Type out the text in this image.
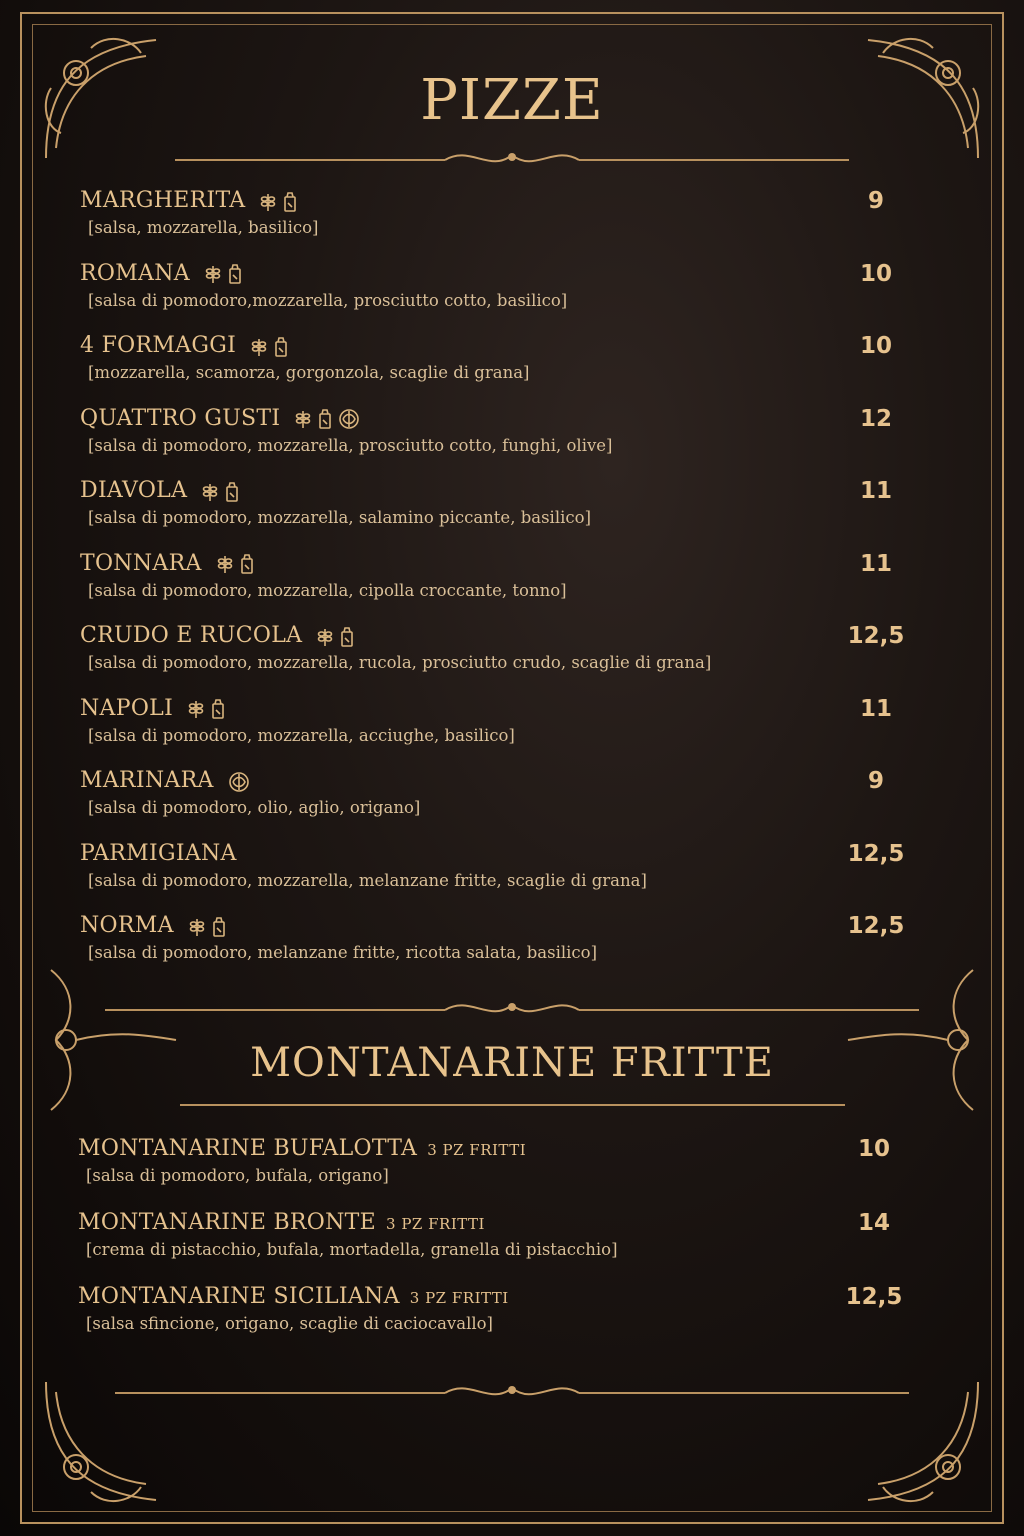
PIZZE
MARGHERITA
[salsa, mozzarella, basilico]
9
ROMANA
[salsa di pomodoro,mozzarella, prosciutto cotto, basilico]
10
4 FORMAGGI
[mozzarella, scamorza, gorgonzola, scaglie di grana]
10
QUATTRO GUSTI
[salsa di pomodoro, mozzarella, prosciutto cotto, funghi, olive]
12
DIAVOLA
[salsa di pomodoro, mozzarella, salamino piccante, basilico]
11
TONNARA
[salsa di pomodoro, mozzarella, cipolla croccante, tonno]
11
CRUDO E RUCOLA
[salsa di pomodoro, mozzarella, rucola, prosciutto crudo, scaglie di grana]
12,5
NAPOLI
[salsa di pomodoro, mozzarella, acciughe, basilico]
11
MARINARA
[salsa di pomodoro, olio, aglio, origano]
9
PARMIGIANA
[salsa di pomodoro, mozzarella, melanzane fritte, scaglie di grana]
12,5
NORMA
[salsa di pomodoro, melanzane fritte, ricotta salata, basilico]
12,5
MONTANARINE FRITTE
MONTANARINE BUFALOTTA 3 PZ FRITTI
[salsa di pomodoro, bufala, origano]
10
MONTANARINE BRONTE 3 PZ FRITTI
[crema di pistacchio, bufala, mortadella, granella di pistacchio]
14
MONTANARINE SICILIANA 3 PZ FRITTI
[salsa sfincione, origano, scaglie di caciocavallo]
12,5
